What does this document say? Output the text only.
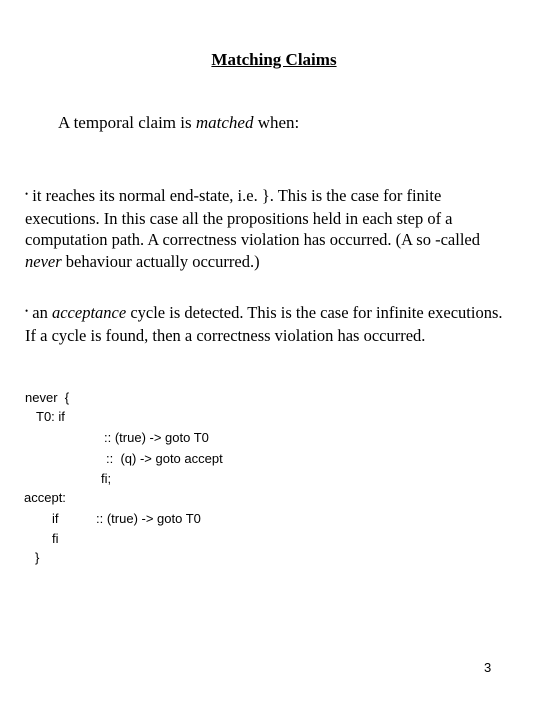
Matching Claims
A temporal claim is matched when:
• it reaches its normal end-state, i.e. }. This is the case for finite executions. In this case all the propositions held in each step of a computation path. A correctness violation has occurred. (A so -called never behaviour actually occurred.)
• an acceptance cycle is detected. This is the case for infinite executions. If a cycle is found, then a correctness violation has occurred.
never  {
T0: if
:: (true) -> goto T0
::  (q) -> goto accept
fi;
accept:
if	:: (true) -> goto T0
fi
}
3
